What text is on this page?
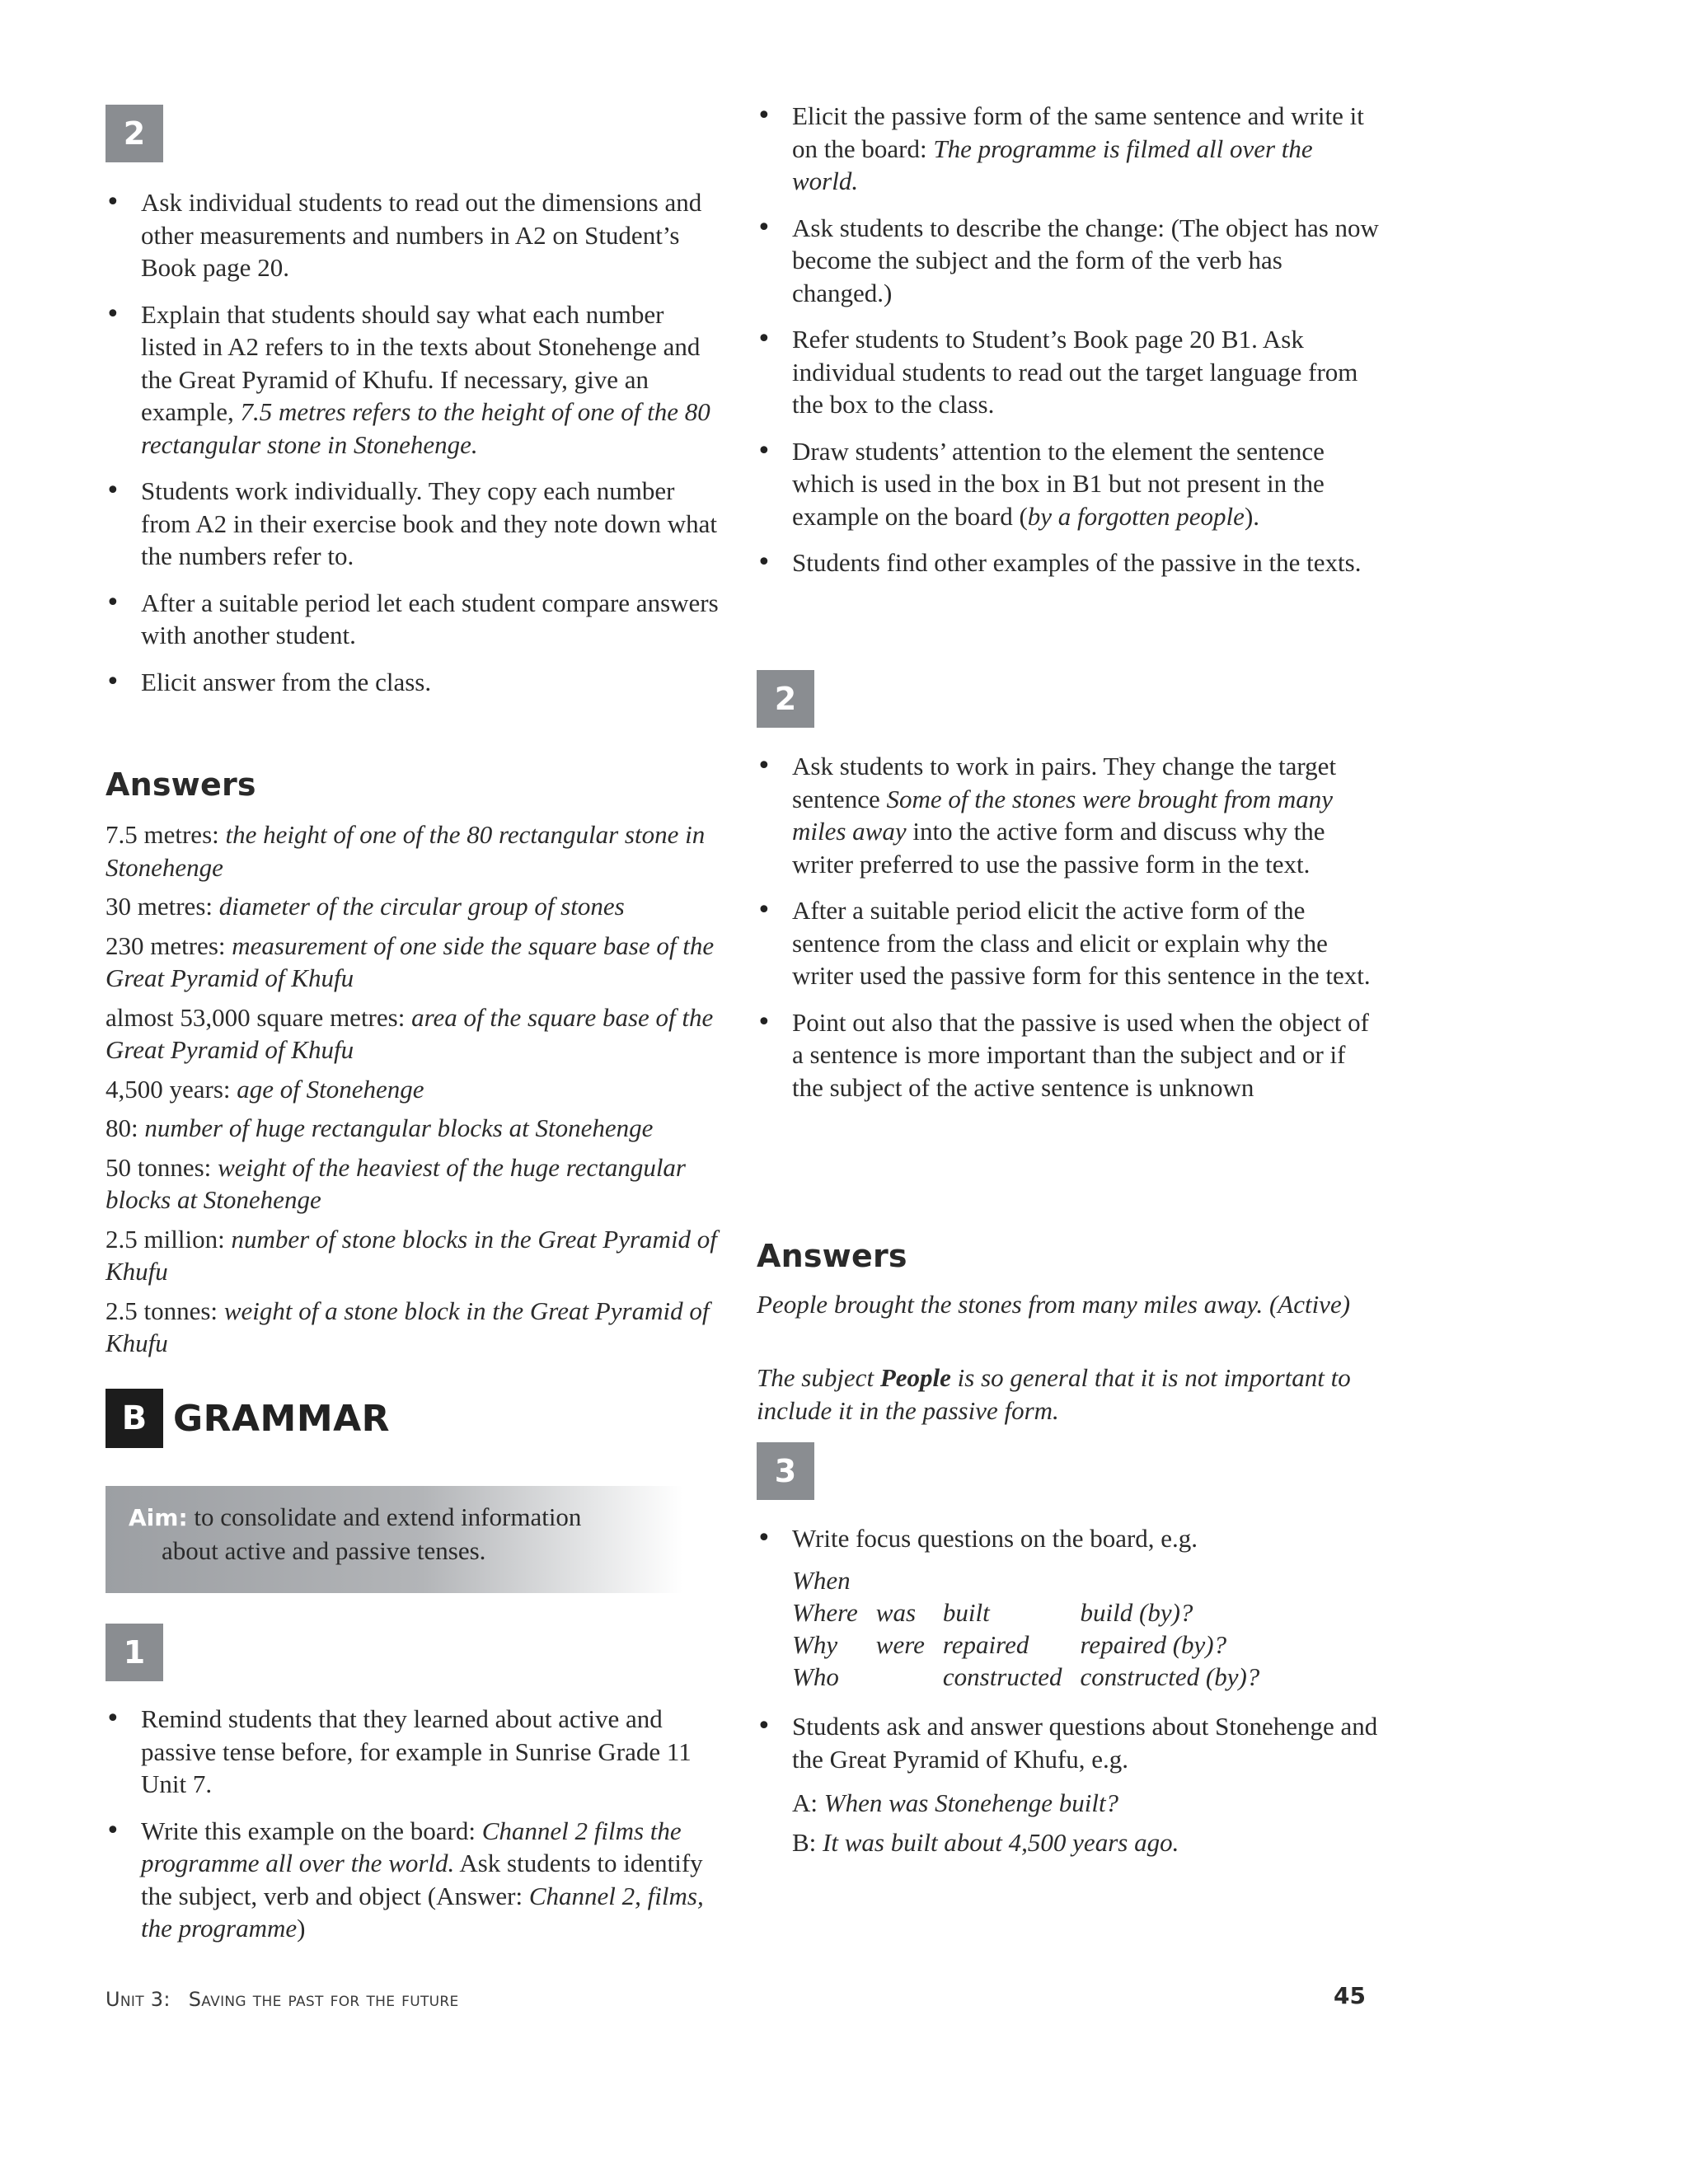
2
• Ask individual students to read out the dimensions and other measurements and numbers in A2 on Student’s Book page 20.
• Explain that students should say what each number listed in A2 refers to in the texts about Stonehenge and the Great Pyramid of Khufu. If necessary, give an example, 7.5 metres refers to the height of one of the 80 rectangular stone in Stonehenge.
• Students work individually. They copy each number from A2 in their exercise book and they note down what the numbers refer to.
• After a suitable period let each student compare answers with another student.
• Elicit answer from the class.
Answers
7.5 metres: the height of one of the 80 rectangular stone in Stonehenge
30 metres: diameter of the circular group of stones
230 metres: measurement of one side the square base of the Great Pyramid of Khufu
almost 53,000 square metres: area of the square base of the Great Pyramid of Khufu
4,500 years: age of Stonehenge
80: number of huge rectangular blocks at Stonehenge
50 tonnes: weight of the heaviest of the huge rectangular blocks at Stonehenge
2.5 million: number of stone blocks in the Great Pyramid of Khufu
2.5 tonnes: weight of a stone block in the Great Pyramid of Khufu
B GRAMMAR
Aim: to consolidate and extend information
about active and passive tenses.
1
• Remind students that they learned about active and passive tense before, for example in Sunrise Grade 11 Unit 7.
• Write this example on the board: Channel 2 films the programme all over the world. Ask students to identify the subject, verb and object (Answer: Channel 2, films, the programme)
• Elicit the passive form of the same sentence and write it on the board: The programme is filmed all over the world.
• Ask students to describe the change: (The object has now become the subject and the form of the verb has changed.)
• Refer students to Student’s Book page 20 B1. Ask individual students to read out the target language from the box to the class.
• Draw students’ attention to the element the sentence which is used in the box in B1 but not present in the example on the board (by a forgotten people).
• Students find other examples of the passive in the texts.
2
• Ask students to work in pairs. They change the target sentence Some of the stones were brought from many miles away into the active form and discuss why the writer preferred to use the passive form in the text.
• After a suitable period elicit the active form of the sentence from the class and elicit or explain why the writer used the passive form for this sentence in the text.
• Point out also that the passive is used when the object of a sentence is more important than the subject and or if the subject of the active sentence is unknown
Answers
People brought the stones from many miles away. (Active)
The subject People is so general that it is not important to include it in the passive form.
3
• Write focus questions on the board, e.g.
When			
Where	was	built	build (by)?
Why	were	repaired	repaired (by)?
Who		constructed	constructed (by)?
• Students ask and answer questions about Stonehenge and the Great Pyramid of Khufu, e.g.
A: When was Stonehenge built?
B: It was built about 4,500 years ago.
Unit 3: Saving the past for the future	45
